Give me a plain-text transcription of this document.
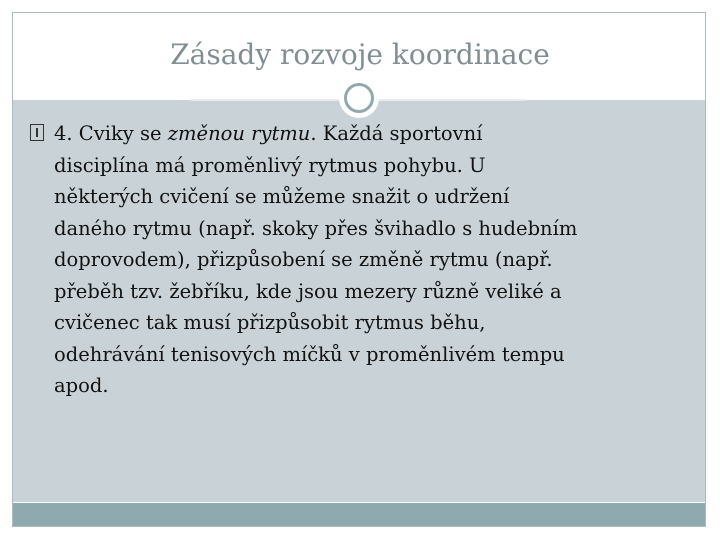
Zásady rozvoje koordinace
4. Cviky se změnou rytmu. Každá sportovní
disciplína má proměnlivý rytmus pohybu. U
některých cvičení se můžeme snažit o udržení
daného rytmu (např. skoky přes švihadlo s hudebním
doprovodem), přizpůsobení se změně rytmu (např.
přeběh tzv. žebříku, kde jsou mezery různě veliké a
cvičenec tak musí přizpůsobit rytmus běhu,
odehrávání tenisových míčků v proměnlivém tempu
apod.
